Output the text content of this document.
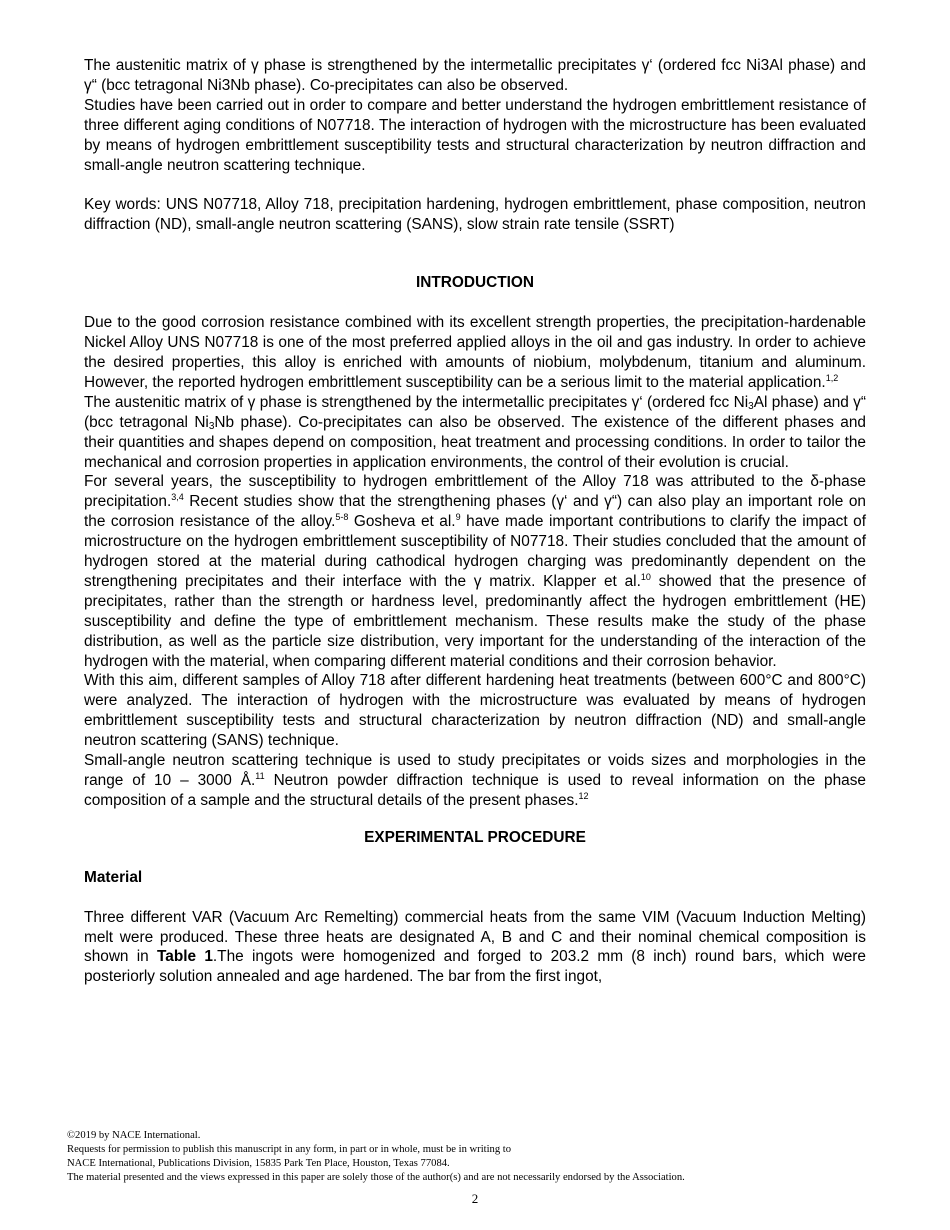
The austenitic matrix of γ phase is strengthened by the intermetallic precipitates γ‘ (ordered fcc Ni3Al phase) and γ“ (bcc tetragonal Ni3Nb phase). Co-precipitates can also be observed.

Studies have been carried out in order to compare and better understand the hydrogen embrittlement resistance of three different aging conditions of N07718. The interaction of hydrogen with the microstructure has been evaluated by means of hydrogen embrittlement susceptibility tests and structural characterization by neutron diffraction and small-angle neutron scattering technique.

Key words: UNS N07718, Alloy 718, precipitation hardening, hydrogen embrittlement, phase composition, neutron diffraction (ND), small-angle neutron scattering (SANS), slow strain rate tensile (SSRT)

INTRODUCTION

Due to the good corrosion resistance combined with its excellent strength properties, the precipitation-hardenable Nickel Alloy UNS N07718 is one of the most preferred applied alloys in the oil and gas industry. In order to achieve the desired properties, this alloy is enriched with amounts of niobium, molybdenum, titanium and aluminum. However, the reported hydrogen embrittlement susceptibility can be a serious limit to the material application.$^{1,2}$

The austenitic matrix of γ phase is strengthened by the intermetallic precipitates γ‘ (ordered fcc $Ni_3Al$ phase) and γ“ (bcc tetragonal $Ni_3Nb$ phase). Co-precipitates can also be observed. The existence of the different phases and their quantities and shapes depend on composition, heat treatment and processing conditions. In order to tailor the mechanical and corrosion properties in application environments, the control of their evolution is crucial.

For several years, the susceptibility to hydrogen embrittlement of the Alloy 718 was attributed to the δ-phase precipitation.$^{3,4}$ Recent studies show that the strengthening phases (γ‘ and γ“) can also play an important role on the corrosion resistance of the alloy.$^{5-8}$ Gosheva et al.$^9$ have made important contributions to clarify the impact of microstructure on the hydrogen embrittlement susceptibility of N07718. Their studies concluded that the amount of hydrogen stored at the material during cathodical hydrogen charging was predominantly dependent on the strengthening precipitates and their interface with the γ matrix. Klapper et al.$^{10}$ showed that the presence of precipitates, rather than the strength or hardness level, predominantly affect the hydrogen embrittlement (HE) susceptibility and define the type of embrittlement mechanism. These results make the study of the phase distribution, as well as the particle size distribution, very important for the understanding of the interaction of the hydrogen with the material, when comparing different material conditions and their corrosion behavior.

With this aim, different samples of Alloy 718 after different hardening heat treatments (between 600°C and 800°C) were analyzed. The interaction of hydrogen with the microstructure was evaluated by means of hydrogen embrittlement susceptibility tests and structural characterization by neutron diffraction (ND) and small-angle neutron scattering (SANS) technique.

Small-angle neutron scattering technique is used to study precipitates or voids sizes and morphologies in the range of 10 – 3000 Å.$^{11}$ Neutron powder diffraction technique is used to reveal information on the phase composition of a sample and the structural details of the present phases.$^{12}$

EXPERIMENTAL PROCEDURE
Material

Three different VAR (Vacuum Arc Remelting) commercial heats from the same VIM (Vacuum Induction Melting) melt were produced. These three heats are designated A, B and C and their nominal chemical composition is shown in Table 1.The ingots were homogenized and forged to 203.2 mm (8 inch) round bars, which were posteriorly solution annealed and age hardened. The bar from the first ingot,

©2019 by NACE International.
Requests for permission to publish this manuscript in any form, in part or in whole, must be in writing to
NACE International, Publications Division, 15835 Park Ten Place, Houston, Texas 77084.
The material presented and the views expressed in this paper are solely those of the author(s) and are not necessarily endorsed by the Association.
2
